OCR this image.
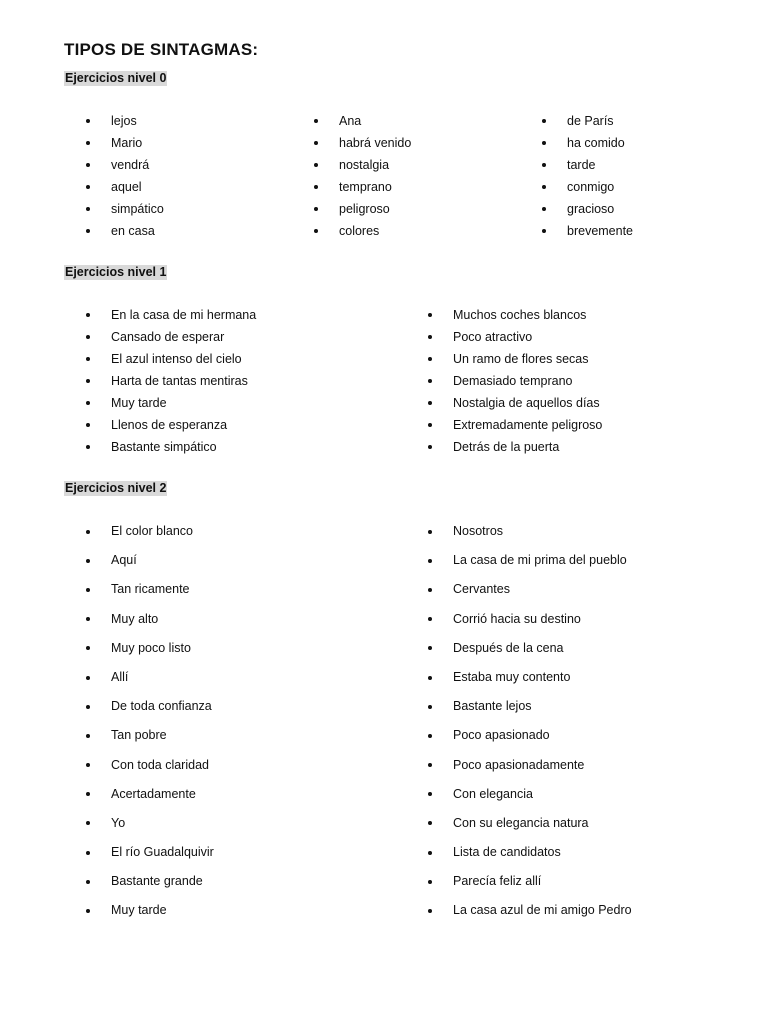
TIPOS DE SINTAGMAS:
Ejercicios nivel 0
lejos
Mario
vendrá
aquel
simpático
en casa
Ana
habrá venido
nostalgia
temprano
peligroso
colores
de París
ha comido
tarde
conmigo
gracioso
brevemente
Ejercicios nivel 1
En la casa de mi hermana
Cansado de esperar
El azul intenso del cielo
Harta de tantas mentiras
Muy tarde
Llenos de esperanza
Bastante simpático
Muchos coches blancos
Poco atractivo
Un ramo de flores secas
Demasiado temprano
Nostalgia de aquellos días
Extremadamente peligroso
Detrás de la puerta
Ejercicios nivel 2
El color blanco
Aquí
Tan ricamente
Muy alto
Muy poco listo
Allí
De toda confianza
Tan pobre
Con toda claridad
Acertadamente
Yo
El río Guadalquivir
Bastante grande
Muy tarde
Nosotros
La casa de mi prima del pueblo
Cervantes
Corrió hacia su destino
Después de la cena
Estaba muy contento
Bastante lejos
Poco apasionado
Poco apasionadamente
Con elegancia
Con su elegancia natura
Lista de candidatos
Parecía feliz allí
La casa azul de mi amigo Pedro
